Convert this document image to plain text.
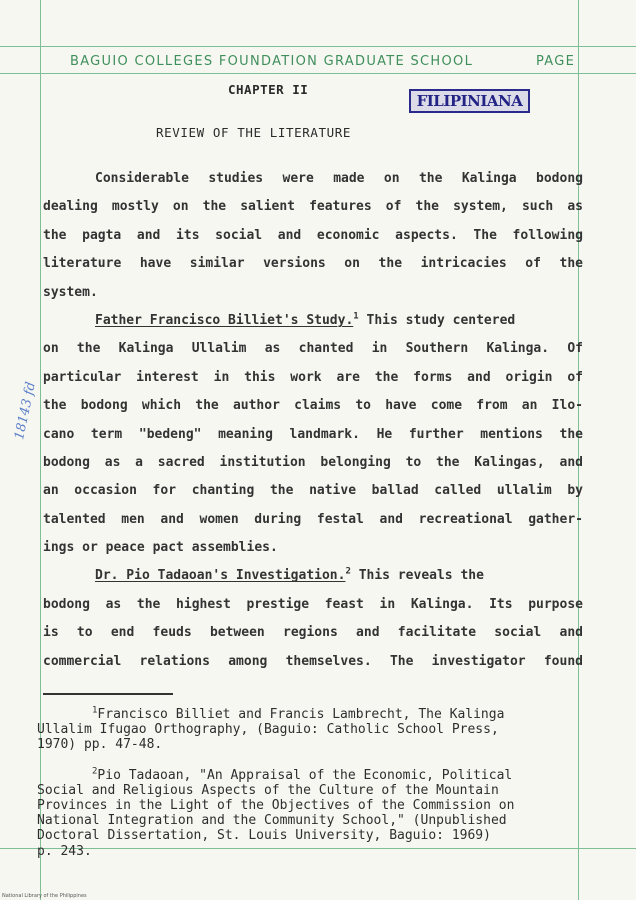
BAGUIO COLLEGES FOUNDATION GRADUATE SCHOOL	PAGE
CHAPTER II
FILIPINIANA
REVIEW OF THE LITERATURE
18143 fd
Considerable studies were made on the Kalinga bodong
dealing mostly on the salient features of the system, such as
the pagta and its social and economic aspects. The following
literature have similar versions on the intricacies of the
system.
Father Francisco Billiet's Study.$^1$ This study centered
on the Kalinga Ullalim as chanted in Southern Kalinga. Of
particular interest in this work are the forms and origin of
the bodong which the author claims to have come from an Ilo-
cano term "bedeng" meaning landmark. He further mentions the
bodong as a sacred institution belonging to the Kalingas, and
an occasion for chanting the native ballad called ullalim by
talented men and women during festal and recreational gather-
ings or peace pact assemblies.
Dr. Pio Tadaoan's Investigation.$^2$ This reveals the
bodong as the highest prestige feast in Kalinga. Its purpose
is to end feuds between regions and facilitate social and
commercial relations among themselves. The investigator found
$^1$Francisco Billiet and Francis Lambrecht, The Kalinga
Ullalim Ifugao Orthography, (Baguio: Catholic School Press,
1970) pp. 47-48.
$^2$Pio Tadaoan, "An Appraisal of the Economic, Political
Social and Religious Aspects of the Culture of the Mountain
Provinces in the Light of the Objectives of the Commission on
National Integration and the Community School," (Unpublished
Doctoral Dissertation, St. Louis University, Baguio: 1969)
p. 243.
National Library of the Philippines
